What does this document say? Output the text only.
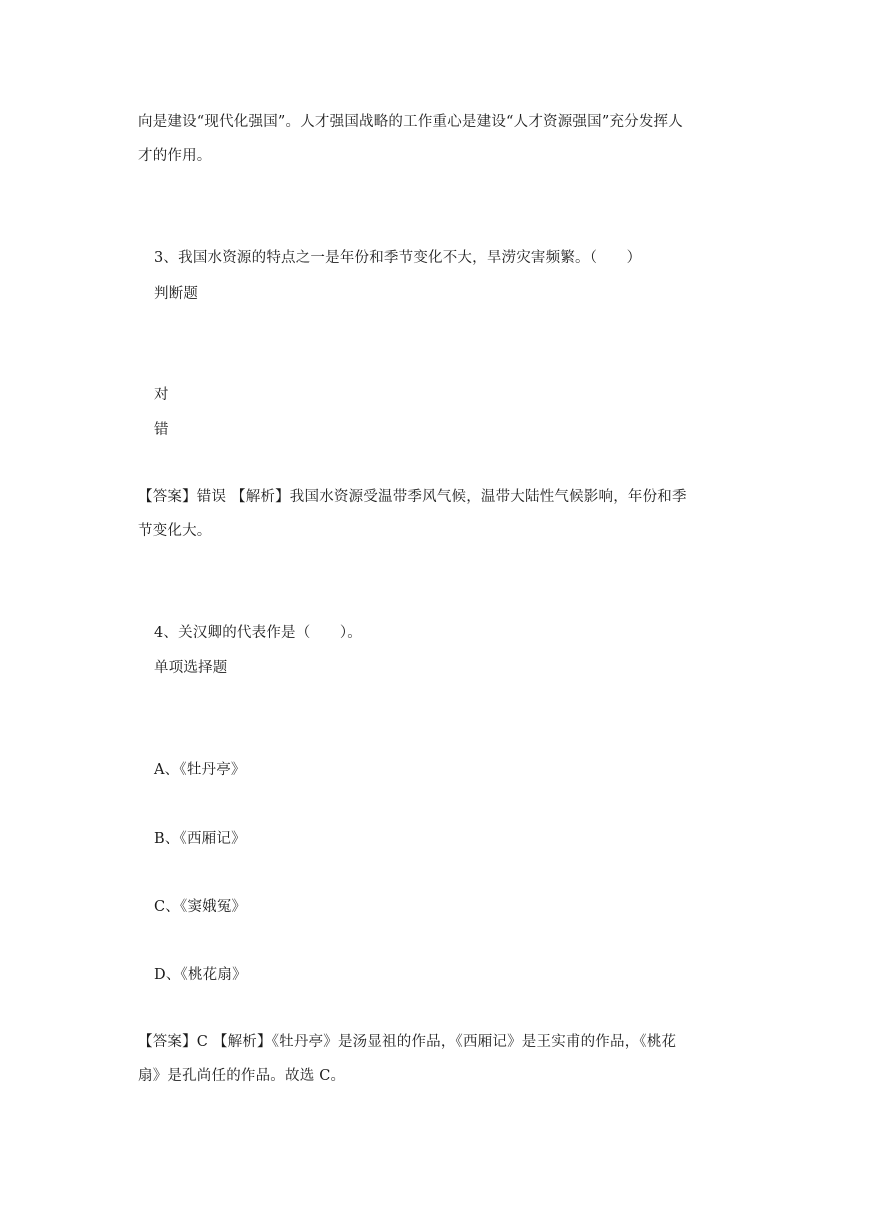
向是建设“现代化强国”。人才强国战略的工作重心是建设“人才资源强国”充分发挥人
才的作用。
3、我国水资源的特点之一是年份和季节变化不大，旱涝灾害频繁。（　　）
判断题
对
错
【答案】错误 【解析】我国水资源受温带季风气候，温带大陆性气候影响，年份和季
节变化大。
4、关汉卿的代表作是（　　）。
单项选择题
A、《牡丹亭》
B、《西厢记》
C、《窦娥冤》
D、《桃花扇》
【答案】C 【解析】《牡丹亭》是汤显祖的作品，《西厢记》是王实甫的作品，《桃花
扇》是孔尚任的作品。故选 C。
